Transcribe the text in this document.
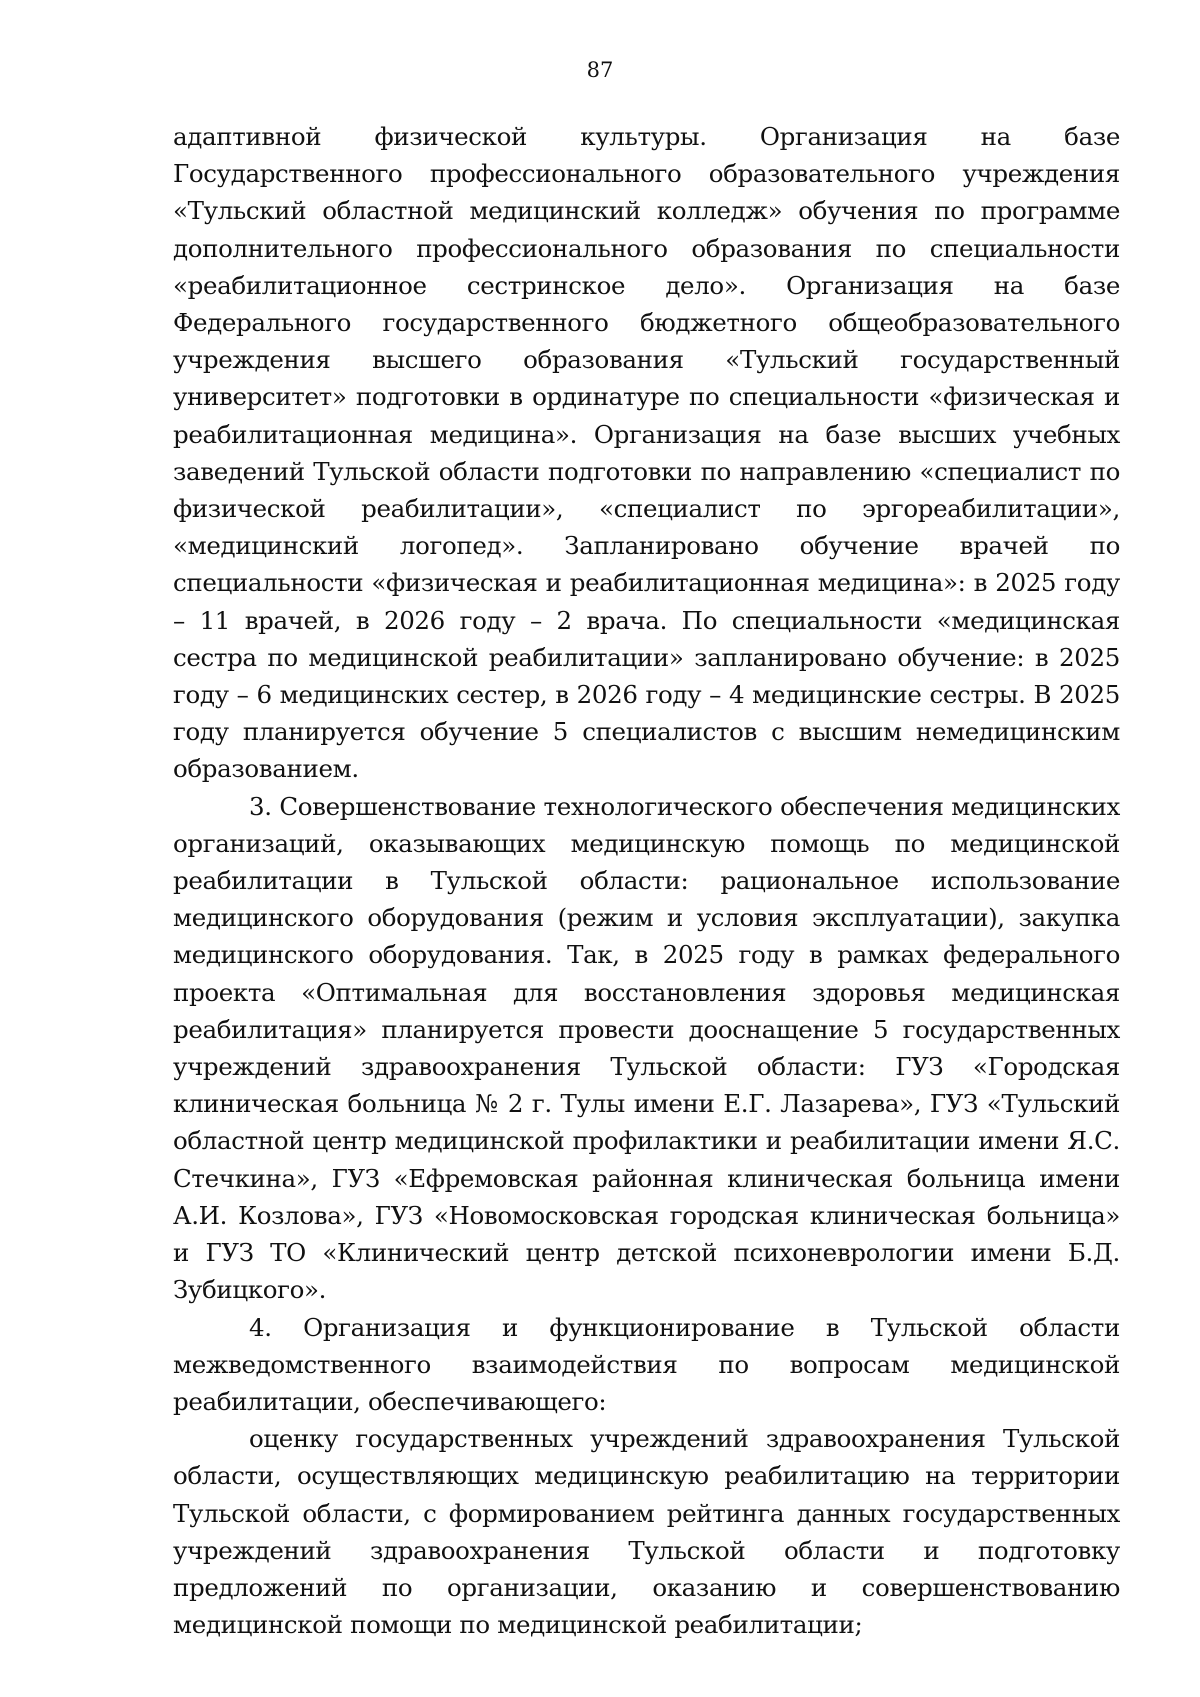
87

адаптивной физической культуры. Организация на базе Государственного профессионального образовательного учреждения «Тульский областной медицинский колледж» обучения по программе дополнительного профессионального образования по специальности «реабилитационное сестринское дело». Организация на базе Федерального государственного бюджетного общеобразовательного учреждения высшего образования «Тульский государственный университет» подготовки в ординатуре по специальности «физическая и реабилитационная медицина». Организация на базе высших учебных заведений Тульской области подготовки по направлению «специалист по физической реабилитации», «специалист по эргореабилитации», «медицинский логопед». Запланировано обучение врачей по специальности «физическая и реабилитационная медицина»: в 2025 году – 11 врачей, в 2026 году – 2 врача. По специальности «медицинская сестра по медицинской реабилитации» запланировано обучение: в 2025 году – 6 медицинских сестер, в 2026 году – 4 медицинские сестры. В 2025 году планируется обучение 5 специалистов с высшим немедицинским образованием.

3. Совершенствование технологического обеспечения медицинских организаций, оказывающих медицинскую помощь по медицинской реабилитации в Тульской области: рациональное использование медицинского оборудования (режим и условия эксплуатации), закупка медицинского оборудования. Так, в 2025 году в рамках федерального проекта «Оптимальная для восстановления здоровья медицинская реабилитация» планируется провести дооснащение 5 государственных учреждений здравоохранения Тульской области: ГУЗ «Городская клиническая больница № 2 г. Тулы имени Е.Г. Лазарева», ГУЗ «Тульский областной центр медицинской профилактики и реабилитации имени Я.С. Стечкина», ГУЗ «Ефремовская районная клиническая больница имени А.И. Козлова», ГУЗ «Новомосковская городская клиническая больница» и ГУЗ ТО «Клинический центр детской психоневрологии имени Б.Д. Зубицкого».

4. Организация и функционирование в Тульской области межведомственного взаимодействия по вопросам медицинской реабилитации, обеспечивающего:

оценку государственных учреждений здравоохранения Тульской области, осуществляющих медицинскую реабилитацию на территории Тульской области, с формированием рейтинга данных государственных учреждений здравоохранения Тульской области и подготовку предложений по организации, оказанию и совершенствованию медицинской помощи по медицинской реабилитации;
